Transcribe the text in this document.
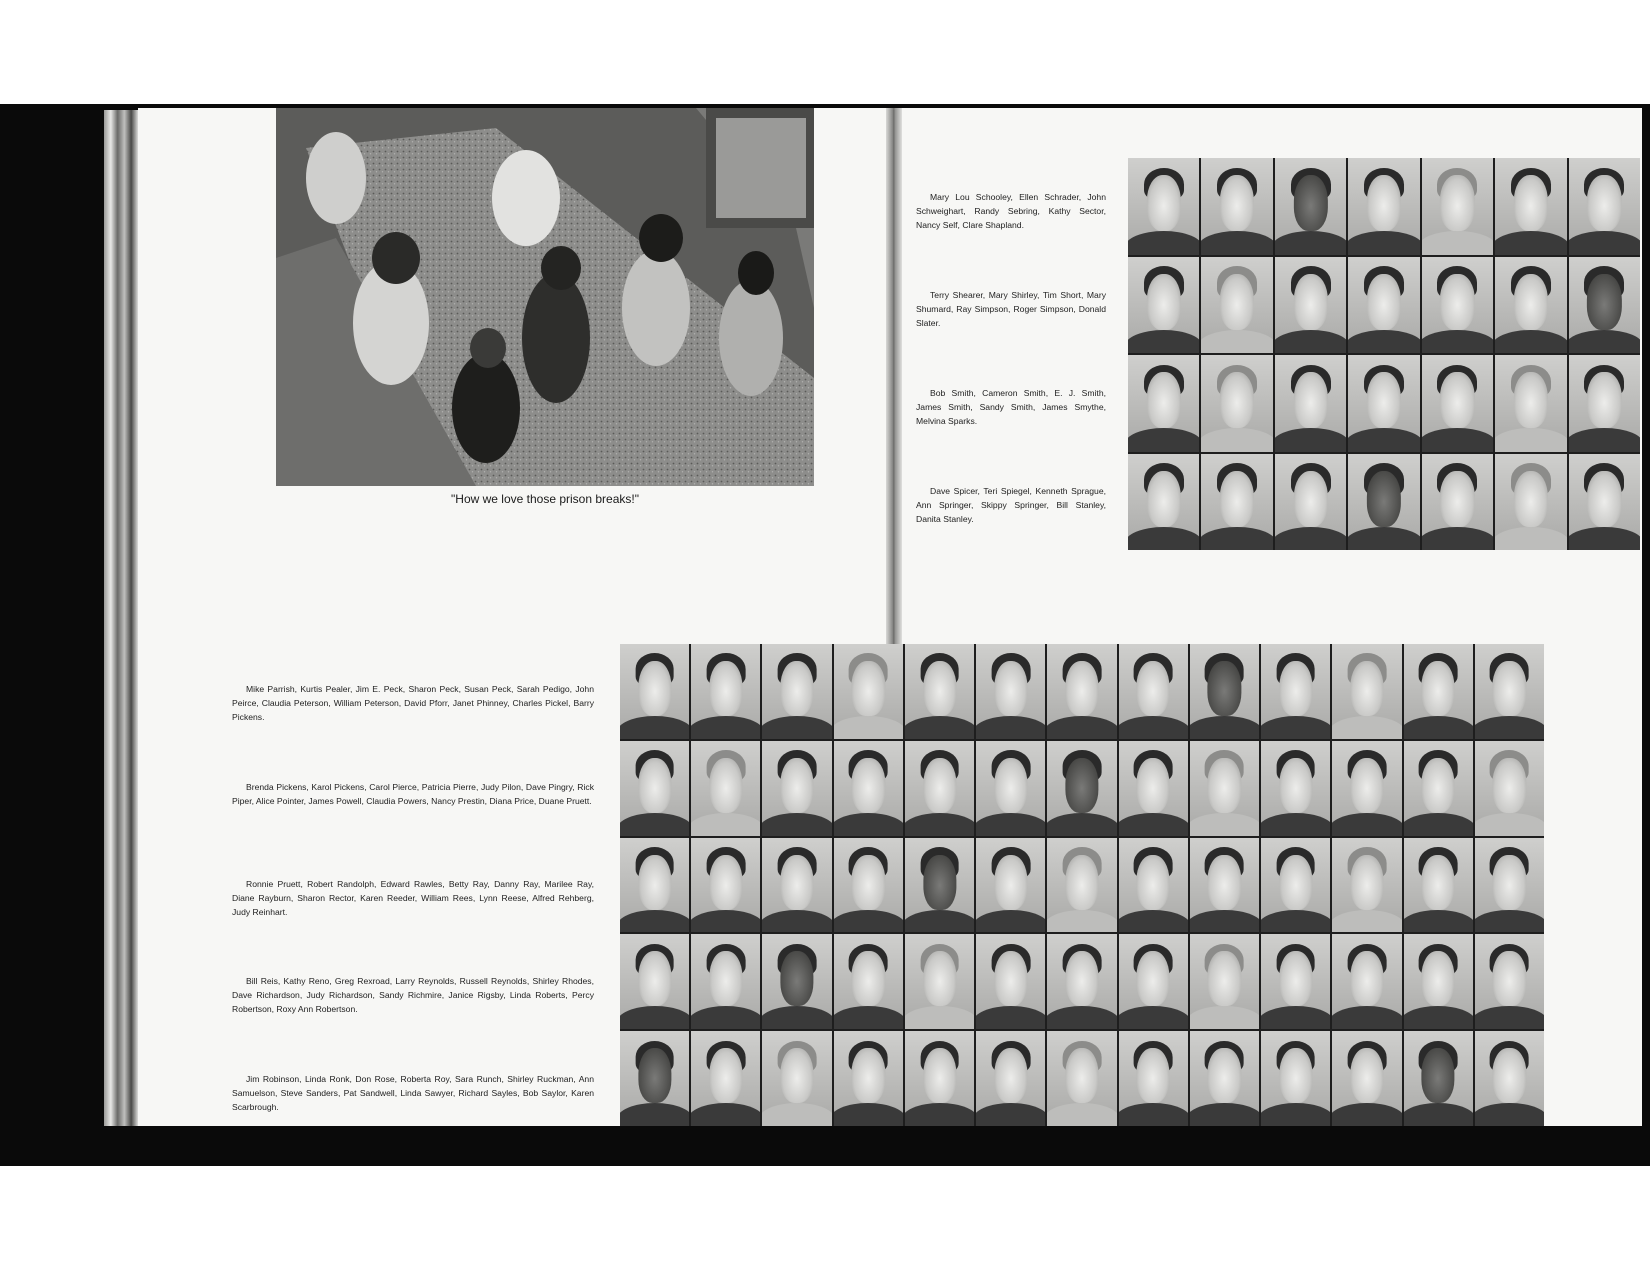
"How we love those prison breaks!"
Mike Parrish, Kurtis Pealer, Jim E. Peck, Sharon Peck, Susan Peck, Sarah Pedigo, John Peirce, Claudia Peterson, William Peterson, David Pforr, Janet Phinney, Charles Pickel, Barry Pickens.
Brenda Pickens, Karol Pickens, Carol Pierce, Patricia Pierre, Judy Pilon, Dave Pingry, Rick Piper, Alice Pointer, James Powell, Claudia Powers, Nancy Prestin, Diana Price, Duane Pruett.
Ronnie Pruett, Robert Randolph, Edward Rawles, Betty Ray, Danny Ray, Marilee Ray, Diane Rayburn, Sharon Rector, Karen Reeder, William Rees, Lynn Reese, Alfred Rehberg, Judy Reinhart.
Bill Reis, Kathy Reno, Greg Rexroad, Larry Reynolds, Russell Reynolds, Shirley Rhodes, Dave Richardson, Judy Richardson, Sandy Richmire, Janice Rigsby, Linda Roberts, Percy Robertson, Roxy Ann Robertson.
Jim Robinson, Linda Ronk, Don Rose, Roberta Roy, Sara Runch, Shirley Ruckman, Ann Samuelson, Steve Sanders, Pat Sandwell, Linda Sawyer, Richard Sayles, Bob Saylor, Karen Scarbrough.
Mary Lou Schooley, Ellen Schrader, John Schweighart, Randy Sebring, Kathy Sector, Nancy Self, Clare Shapland.
Terry Shearer, Mary Shirley, Tim Short, Mary Shumard, Ray Simpson, Roger Simpson, Donald Slater.
Bob Smith, Cameron Smith, E. J. Smith, James Smith, Sandy Smith, James Smythe, Melvina Sparks.
Dave Spicer, Teri Spiegel, Kenneth Sprague, Ann Springer, Skippy Springer, Bill Stanley, Danita Stanley.
